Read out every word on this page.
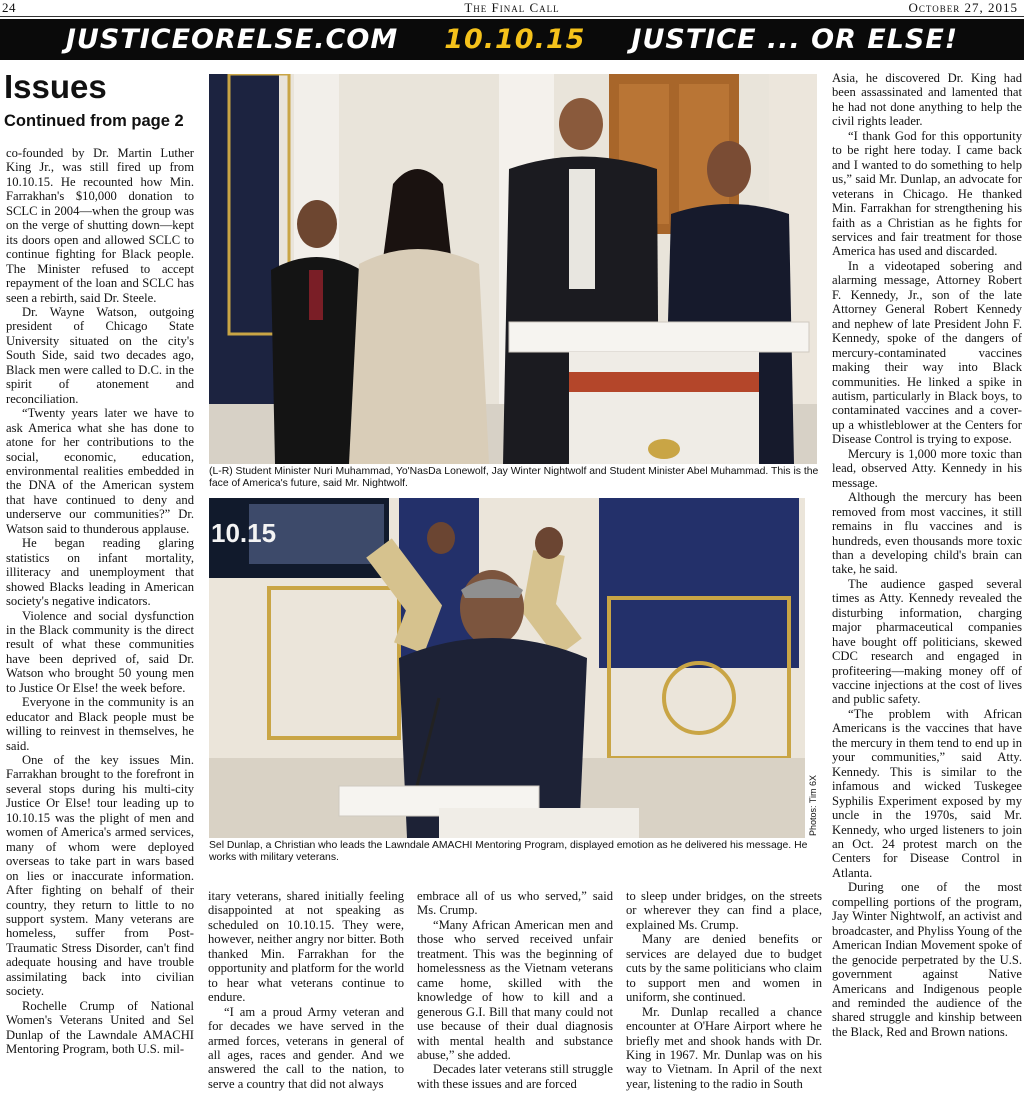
24	The Final Call	October 27, 2015
JUSTICEORELSE.COM 10.10.15 JUSTICE ... OR ELSE!
Issues
Continued from page 2

co-founded by Dr. Martin Luther King Jr., was still fired up from 10.10.15. He recounted how Min. Farrakhan's $10,000 donation to SCLC in 2004—when the group was on the verge of shutting down—kept its doors open and allowed SCLC to continue fighting for Black people. The Minister refused to accept repayment of the loan and SCLC has seen a rebirth, said Dr. Steele.

Dr. Wayne Watson, outgoing president of Chicago State University situated on the city's South Side, said two decades ago, Black men were called to D.C. in the spirit of atonement and reconciliation.

“Twenty years later we have to ask America what she has done to atone for her contributions to the social, economic, education, environmental realities embedded in the DNA of the American system that have continued to deny and underserve our communities?” Dr. Watson said to thunderous applause.

He began reading glaring statistics on infant mortality, illiteracy and unemployment that showed Blacks leading in American society's negative indicators.

Violence and social dysfunction in the Black community is the direct result of what these communities have been deprived of, said Dr. Watson who brought 50 young men to Justice Or Else! the week before.

Everyone in the community is an educator and Black people must be willing to reinvest in themselves, he said.

One of the key issues Min. Farrakhan brought to the forefront in several stops during his multi-city Justice Or Else! tour leading up to 10.10.15 was the plight of men and women of America's armed services, many of whom were deployed overseas to take part in wars based on lies or inaccurate information. After fighting on behalf of their country, they return to little to no support system. Many veterans are homeless, suffer from Post-Traumatic Stress Disorder, can't find adequate housing and have trouble assimilating back into civilian society.

Rochelle Crump of National Women's Veterans United and Sel Dunlap of the Lawndale AMACHI Mentoring Program, both U.S. mil-

(L-R) Student Minister Nuri Muhammad, Yo'NasDa Lonewolf, Jay Winter Nightwolf and Student Minister Abel Muhammad. This is the face of America's future, said Mr. Nightwolf.
10.15
Photos: Tim 6X
Sel Dunlap, a Christian who leads the Lawndale AMACHI Mentoring Program, displayed emotion as he delivered his message. He works with military veterans.

itary veterans, shared initially feeling disappointed at not speaking as scheduled on 10.10.15. They were, however, neither angry nor bitter. Both thanked Min. Farrakhan for the opportunity and platform for the world to hear what veterans continue to endure.

“I am a proud Army veteran and for decades we have served in the armed forces, veterans in general of all ages, races and gender. And we answered the call to the nation, to serve a country that did not always

embrace all of us who served,” said Ms. Crump.

“Many African American men and those who served received unfair treatment. This was the beginning of homelessness as the Vietnam veterans came home, skilled with the knowledge of how to kill and a generous G.I. Bill that many could not use because of their dual diagnosis with mental health and substance abuse,” she added.

Decades later veterans still struggle with these issues and are forced

to sleep under bridges, on the streets or wherever they can find a place, explained Ms. Crump.

Many are denied benefits or services are delayed due to budget cuts by the same politicians who claim to support men and women in uniform, she continued.

Mr. Dunlap recalled a chance encounter at O'Hare Airport where he briefly met and shook hands with Dr. King in 1967. Mr. Dunlap was on his way to Vietnam. In April of the next year, listening to the radio in South

Asia, he discovered Dr. King had been assassinated and lamented that he had not done anything to help the civil rights leader.

“I thank God for this opportunity to be right here today. I came back and I wanted to do something to help us,” said Mr. Dunlap, an advocate for veterans in Chicago. He thanked Min. Farrakhan for strengthening his faith as a Christian as he fights for services and fair treatment for those America has used and discarded.

In a videotaped sobering and alarming message, Attorney Robert F. Kennedy, Jr., son of the late Attorney General Robert Kennedy and nephew of late President John F. Kennedy, spoke of the dangers of mercury-contaminated vaccines making their way into Black communities. He linked a spike in autism, particularly in Black boys, to contaminated vaccines and a cover-up a whistleblower at the Centers for Disease Control is trying to expose.

Mercury is 1,000 more toxic than lead, observed Atty. Kennedy in his message.

Although the mercury has been removed from most vaccines, it still remains in flu vaccines and is hundreds, even thousands more toxic than a developing child's brain can take, he said.

The audience gasped several times as Atty. Kennedy revealed the disturbing information, charging major pharmaceutical companies have bought off politicians, skewed CDC research and engaged in profiteering—making money off of vaccine injections at the cost of lives and public safety.

“The problem with African Americans is the vaccines that have the mercury in them tend to end up in your communities,” said Atty. Kennedy. This is similar to the infamous and wicked Tuskegee Syphilis Experiment exposed by my uncle in the 1970s, said Mr. Kennedy, who urged listeners to join an Oct. 24 protest march on the Centers for Disease Control in Atlanta.

During one of the most compelling portions of the program, Jay Winter Nightwolf, an activist and broadcaster, and Phyliss Young of the American Indian Movement spoke of the genocide perpetrated by the U.S. government against Native Americans and Indigenous people and reminded the audience of the shared struggle and kinship between the Black, Red and Brown nations.
